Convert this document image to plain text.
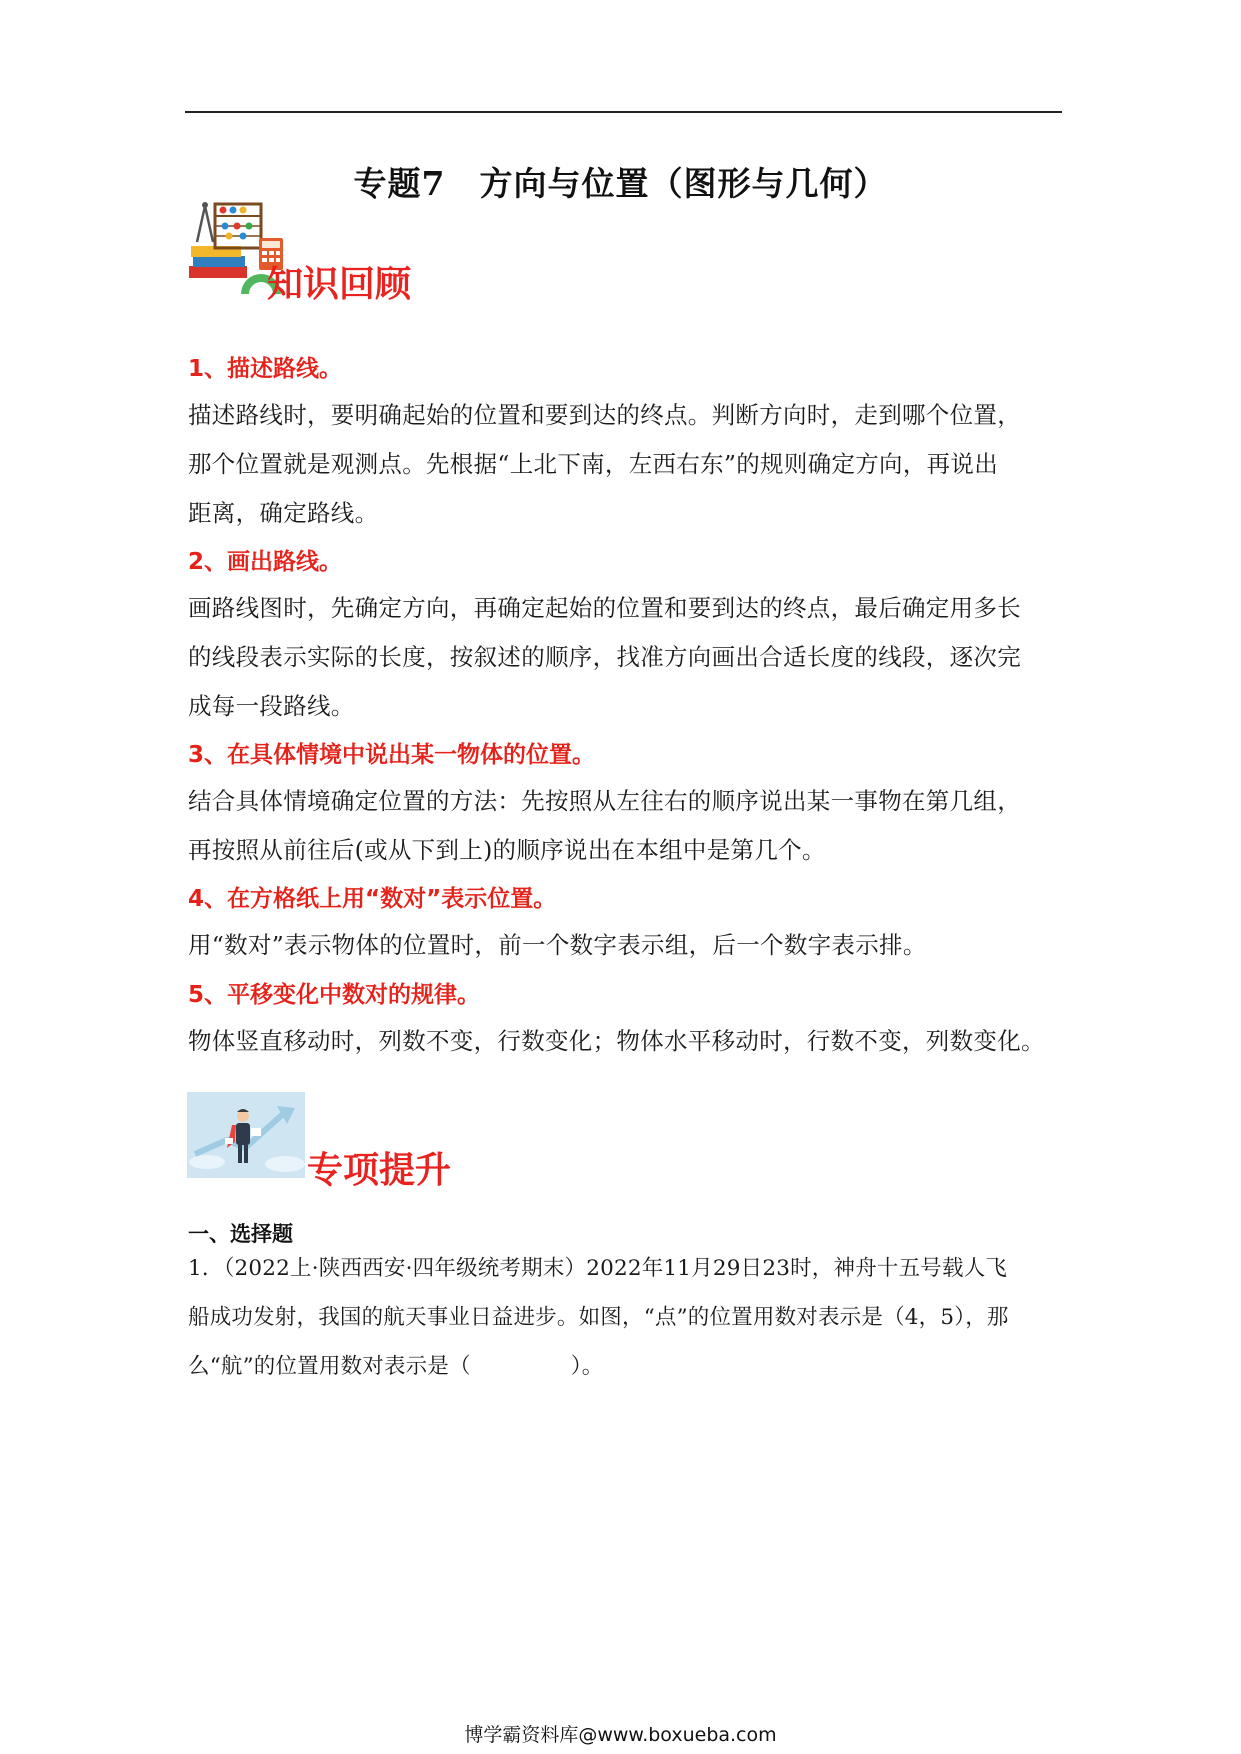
专题7　方向与位置（图形与几何）
知识回顾
1、描述路线。
描述路线时，要明确起始的位置和要到达的终点。判断方向时，走到哪个位置，
那个位置就是观测点。先根据“上北下南，左西右东”的规则确定方向，再说出
距离，确定路线。
2、画出路线。
画路线图时，先确定方向，再确定起始的位置和要到达的终点，最后确定用多长
的线段表示实际的长度，按叙述的顺序，找准方向画出合适长度的线段，逐次完
成每一段路线。
3、在具体情境中说出某一物体的位置。
结合具体情境确定位置的方法：先按照从左往右的顺序说出某一事物在第几组，
再按照从前往后(或从下到上)的顺序说出在本组中是第几个。
4、在方格纸上用“数对”表示位置。
用“数对”表示物体的位置时，前一个数字表示组，后一个数字表示排。
5、平移变化中数对的规律。
物体竖直移动时，列数不变，行数变化；物体水平移动时，行数不变，列数变化。
专项提升
一、选择题
1．（2022上·陕西西安·四年级统考期末）2022年11月29日23时，神舟十五号载人飞
船成功发射，我国的航天事业日益进步。如图，“点”的位置用数对表示是（4，5），那
么“航”的位置用数对表示是（	）。
博学霸资料库@www.boxueba.com
